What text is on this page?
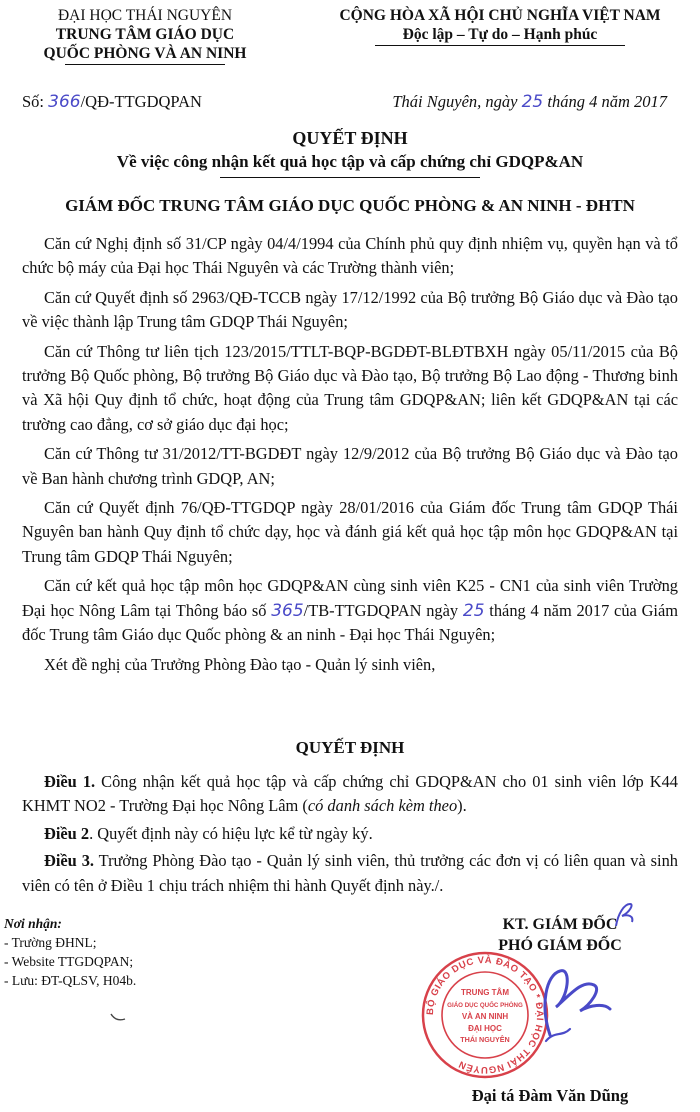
ĐẠI HỌC THÁI NGUYÊN
TRUNG TÂM GIÁO DỤC
QUỐC PHÒNG VÀ AN NINH
CỘNG HÒA XÃ HỘI CHỦ NGHĨA VIỆT NAM
Độc lập – Tự do – Hạnh phúc
Số: 366/QĐ-TTGDQPAN	Thái Nguyên, ngày 25 tháng 4 năm 2017
QUYẾT ĐỊNH
Về việc công nhận kết quả học tập và cấp chứng chỉ GDQP&AN
GIÁM ĐỐC TRUNG TÂM GIÁO DỤC QUỐC PHÒNG & AN NINH - ĐHTN

Căn cứ Nghị định số 31/CP ngày 04/4/1994 của Chính phủ quy định nhiệm vụ, quyền hạn và tổ chức bộ máy của Đại học Thái Nguyên và các Trường thành viên;

Căn cứ Quyết định số 2963/QĐ-TCCB ngày 17/12/1992 của Bộ trưởng Bộ Giáo dục và Đào tạo về việc thành lập Trung tâm GDQP Thái Nguyên;

Căn cứ Thông tư liên tịch 123/2015/TTLT-BQP-BGDĐT-BLĐTBXH ngày 05/11/2015 của Bộ trưởng Bộ Quốc phòng, Bộ trưởng Bộ Giáo dục và Đào tạo, Bộ trưởng Bộ Lao động - Thương binh và Xã hội Quy định tổ chức, hoạt động của Trung tâm GDQP&AN; liên kết GDQP&AN tại các trường cao đẳng, cơ sở giáo dục đại học;

Căn cứ Thông tư 31/2012/TT-BGDĐT ngày 12/9/2012 của Bộ trưởng Bộ Giáo dục và Đào tạo về Ban hành chương trình GDQP, AN;

Căn cứ Quyết định 76/QĐ-TTGDQP ngày 28/01/2016 của Giám đốc Trung tâm GDQP Thái Nguyên ban hành Quy định tổ chức dạy, học và đánh giá kết quả học tập môn học GDQP&AN tại Trung tâm GDQP Thái Nguyên;

Căn cứ kết quả học tập môn học GDQP&AN cùng sinh viên K25 - CN1 của sinh viên Trường Đại học Nông Lâm tại Thông báo số 365/TB-TTGDQPAN ngày 25 tháng 4 năm 2017 của Giám đốc Trung tâm Giáo dục Quốc phòng & an ninh - Đại học Thái Nguyên;

Xét đề nghị của Trưởng Phòng Đào tạo - Quản lý sinh viên,

QUYẾT ĐỊNH

Điều 1. Công nhận kết quả học tập và cấp chứng chỉ GDQP&AN cho 01 sinh viên lớp K44 KHMT NO2 - Trường Đại học Nông Lâm (có danh sách kèm theo).

Điều 2. Quyết định này có hiệu lực kể từ ngày ký.

Điều 3. Trưởng Phòng Đào tạo - Quản lý sinh viên, thủ trưởng các đơn vị có liên quan và sinh viên có tên ở Điều 1 chịu trách nhiệm thi hành Quyết định này./.

Nơi nhận:
- Trường ĐHNL;
- Website TTGDQPAN;
- Lưu: ĐT-QLSV, H04b.
KT. GIÁM ĐỐC
PHÓ GIÁM ĐỐC
BỘ GIÁO DỤC VÀ ĐÀO TẠO * ĐẠI HỌC THÁI NGUYÊN
TRUNG TÂM
GIÁO DỤC QUỐC PHÒNG
VÀ AN NINH
ĐẠI HỌC
THÁI NGUYÊN
Đại tá Đàm Văn Dũng
